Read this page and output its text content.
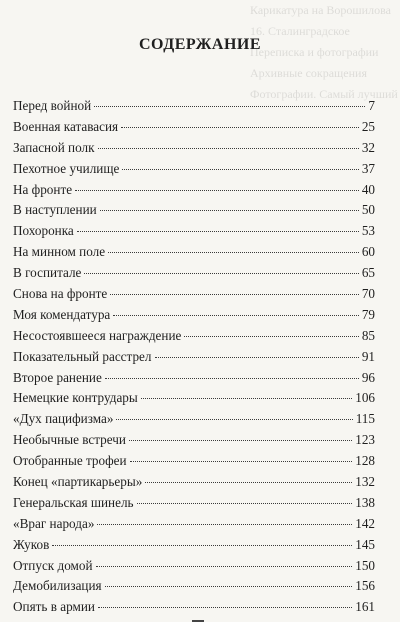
Карикатура на Ворошилова
16. Сталинградское
Переписка и фотографии
Архивные сокращения
Фотографии. Самый лучший
СОДЕРЖАНИЕ
Перед войной	7
Военная катавасия	25
Запасной полк	32
Пехотное училище	37
На фронте	40
В наступлении	50
Похоронка	53
На минном поле	60
В госпитале	65
Снова на фронте	70
Моя комендатура	79
Несостоявшееся награждение	85
Показательный расстрел	91
Второе ранение	96
Немецкие контрудары	106
«Дух пацифизма»	115
Необычные встречи	123
Отобранные трофеи	128
Конец «партикарьеры»	132
Генеральская шинель	138
«Враг народа»	142
Жуков	145
Отпуск домой	150
Демобилизация	156
Опять в армии	161
